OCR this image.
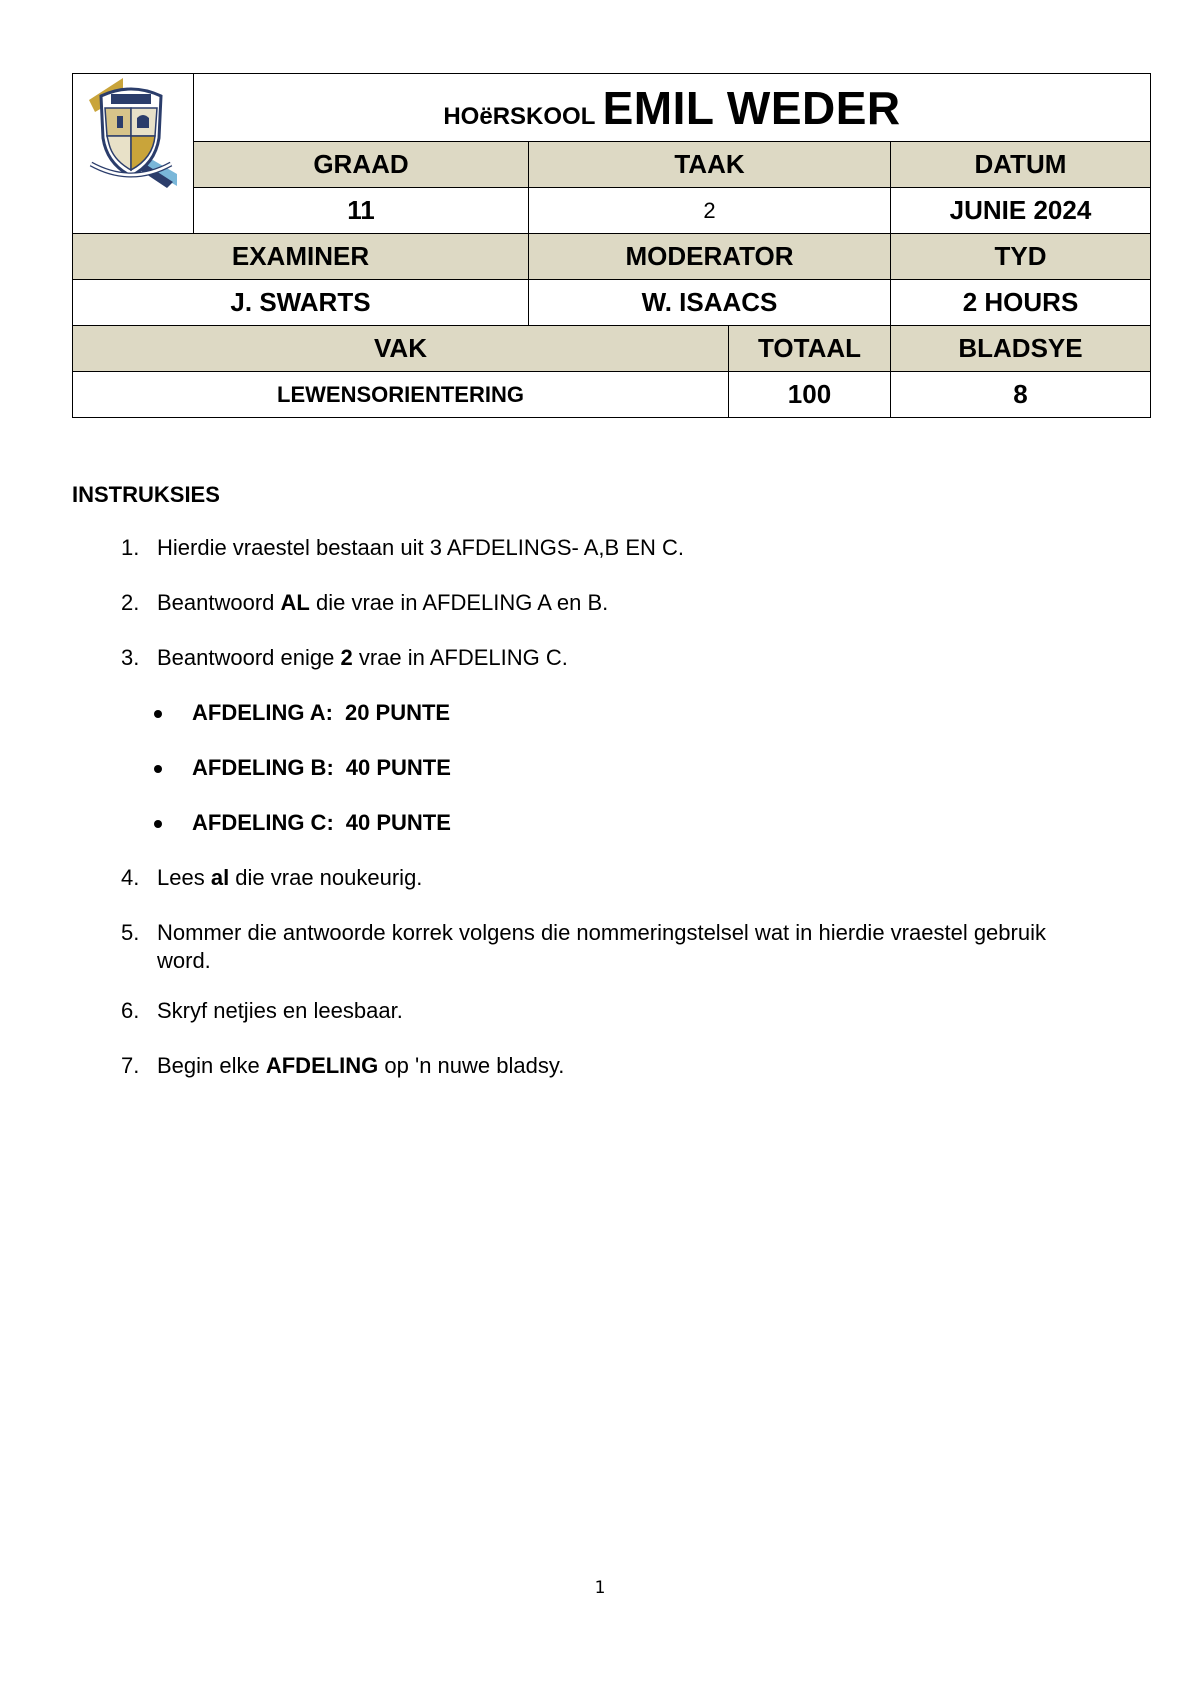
	HOëRSKOOL EMIL WEDER			
	GRAAD	TAAK		DATUM
	11	2		JUNIE 2024
EXAMINER		MODERATOR		TYD
J. SWARTS		W. ISAACS		2 HOURS
VAK			TOTAAL	BLADSYE
LEWENSORIENTERING			100	8

INSTRUKSIES

1. Hierdie vraestel bestaan uit 3 AFDELINGS- A,B EN C.
2. Beantwoord AL die vrae in AFDELING A en B.
3. Beantwoord enige 2 vrae in AFDELING C.
AFDELING A: 20 PUNTE
AFDELING B: 40 PUNTE
AFDELING C: 40 PUNTE
4. Lees al die vrae noukeurig.
5. Nommer die antwoorde korrek volgens die nommeringstelsel wat in hierdie vraestel gebruik word.
6. Skryf netjies en leesbaar.
7. Begin elke AFDELING op 'n nuwe bladsy.
1
